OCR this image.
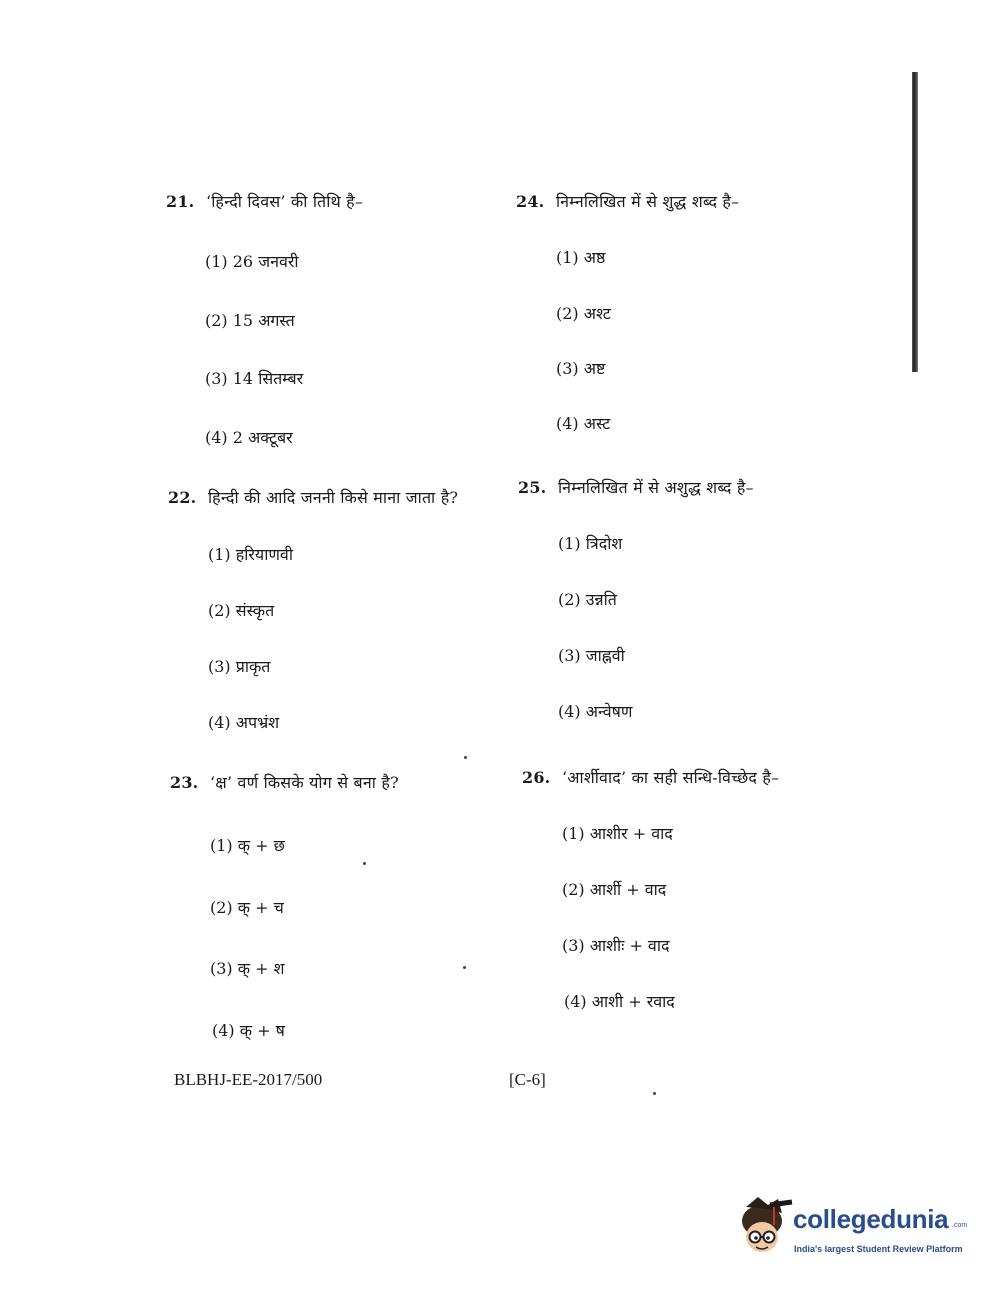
21. ‘हिन्दी दिवस’ की तिथि है–
(1) 26 जनवरी
(2) 15 अगस्त
(3) 14 सितम्बर
(4) 2 अक्टूबर
22. हिन्दी की आदि जननी किसे माना जाता है?
(1) हरियाणवी
(2) संस्कृत
(3) प्राकृत
(4) अपभ्रंश
23. ‘क्ष’ वर्ण किसके योग से बना है?
(1) क् + छ
(2) क् + च
(3) क् + श
(4) क् + ष
24. निम्नलिखित में से शुद्ध शब्द है–
(1) अष्ठ
(2) अश्ट
(3) अष्ट
(4) अस्ट
25. निम्नलिखित में से अशुद्ध शब्द है–
(1) त्रिदोश
(2) उन्नति
(3) जाह्नवी
(4) अन्वेषण
26. ‘आर्शीवाद’ का सही सन्धि-विच्छेद है–
(1) आशीर + वाद
(2) आर्शी + वाद
(3) आशीः + वाद
(4) आशी + रवाद
BLBHJ-EE-2017/500	[C-6]
collegedunia .com
India's largest Student Review Platform
